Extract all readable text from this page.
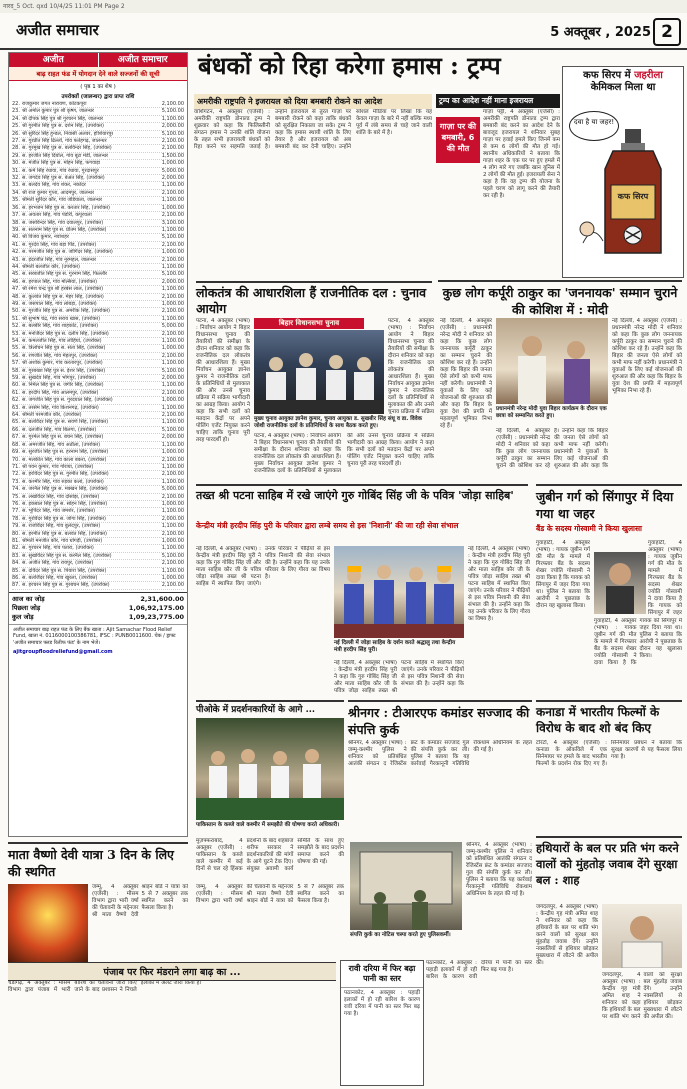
नारद_5 Oct. qxd 10/4/25 11:01 PM Page 2
अजीत समाचार	5 अक्तूबर , 2025 2
अजीत	अजीत समाचार
बाढ़ राहत फंड में योगदान देने वाले सज्जनों की सूची
( पृष्ठ 1 का शेष )
उपरोक्तों (जालन्धर) द्वारा प्राप्त राशि
22. राजकुमार जगत नारायण, कोटकपूरा	2,100.00
23. श्री अमोल कुमार पुत्र श्री कृष्ण, जालन्धर	5,100.00
24. श्री दीपक सिंह पुत्र श्री गुरचरन सिंह, जालन्धर	1,100.00
25. श्री गुरमीत सिंह पुत्र स. दर्शन सिंह, (उपरोक्त)	2,000.00
26. श्री सुरिंदर सिंह हुन्डल, निवासी अलवर, होशियारपुर	5,100.00
27. स. गुरप्रीत सिंह ढिल्लों, गांव फतेहगढ़, जालन्धर	2,100.00
28. स. गुरमुख सिंह पुत्र स. बलविन्दर सिंह, (उपरोक्त)	2,100.00
29. स. हरजीत सिंह दियोल, गांव बूटा मंडी, जालन्धर	1,500.00
30. स. मंजीत सिंह पुत्र स. मोहन सिंह, फगवाड़ा	1,000.00
31. स. कर्म सिंह रंधावा, गांव रंधावा, गुरदासपुर	5,000.00
32. स. जगदेव सिंह पुत्र स. बेअंत सिंह, (उपरोक्त)	2,000.00
33. स. बलदेव सिंह, गांव शंकर, नकोदर	1,100.00
34. श्री राज कुमार गुप्ता, आदमपुर, जालन्धर	2,100.00
35. श्रीमती सुरिंदर कौर, गांव जंडियाला, जालन्धर	1,100.00
36. स. हरभजन सिंह पुत्र स. करतार सिंह, (उपरोक्त)	1,000.00
37. स. अवतार सिंह, गांव पंडोरी, कपूरथला	2,100.00
38. स. जसविन्दर सिंह, गांव दयालपुर, (उपरोक्त)	3,100.00
39. स. सतनाम सिंह पुत्र स. प्रीतम सिंह, (उपरोक्त)	1,100.00
40. श्री विजय कुमार, नवांशहर	5,100.00
41. स. गुरदेव सिंह, गांव बड़ा पिंड, (उपरोक्त)	2,100.00
42. स. परमजीत सिंह पुत्र स. जोगिंदर सिंह, (उपरोक्त)	1,000.00
43. स. इंदरजीत सिंह, गांव नूरमहल, जालन्धर	2,100.00
44. श्रीमती बलजीत कौर, (उपरोक्त)	1,100.00
45. स. सरबजीत सिंह पुत्र स. गुरनाम सिंह, फिल्लौर	5,100.00
46. स. हरपाल सिंह, गांव मल्सियां, (उपरोक्त)	2,000.00
47. श्री रमेश चन्द्र पुत्र श्री हरबंस लाल, (उपरोक्त)	1,100.00
48. स. कुलवंत सिंह पुत्र स. मेहर सिंह, (उपरोक्त)	2,100.00
49. स. जसपाल सिंह, गांव लांबड़ा, (उपरोक्त)	1,000.00
50. स. गुरजीत सिंह पुत्र स. अमरीक सिंह, (उपरोक्त)	2,100.00
51. श्री सुभाष चंद्र, गांव सराय खास, (उपरोक्त)	1,100.00
52. स. बलबीर सिंह, गांव शाहकोट, (उपरोक्त)	5,000.00
53. स. मनजिंदर सिंह पुत्र स. दलीप सिंह, (उपरोक्त)	2,100.00
54. स. कमलजीत सिंह, गांव लोहियां, (उपरोक्त)	1,100.00
55. स. त्रिलोचन सिंह पुत्र स. संता सिंह, (उपरोक्त)	1,000.00
56. स. रणजीत सिंह, गांव मेहतपुर, (उपरोक्त)	2,100.00
57. श्री अशोक कुमार, गांव करतारपुर, (उपरोक्त)	1,100.00
58. स. गुरबख्श सिंह पुत्र स. ईशर सिंह, (उपरोक्त)	5,100.00
59. स. सुखदेव सिंह, गांव भोगपुर, (उपरोक्त)	2,000.00
60. स. निर्मल सिंह पुत्र स. जगीर सिंह, (उपरोक्त)	1,100.00
61. स. हरदीप सिंह, गांव आलमपुर, (उपरोक्त)	2,100.00
62. स. जगजीत सिंह पुत्र स. गुरदयाल सिंह, (उपरोक्त)	1,000.00
63. स. तरसेम सिंह, गांव किशनगढ़, (उपरोक्त)	1,100.00
64. श्रीमती परमजीत कौर, (उपरोक्त)	2,100.00
65. स. बलविंदर सिंह पुत्र स. सवर्ण सिंह, (उपरोक्त)	1,100.00
66. स. दलजीत सिंह, गांव बिलगा, (उपरोक्त)	5,100.00
67. स. गुरमेल सिंह पुत्र स. बचन सिंह, (उपरोक्त)	2,000.00
68. स. अमरजीत सिंह, गांव अठौला, (उपरोक्त)	1,100.00
69. स. सुरजीत सिंह पुत्र स. हरनाम सिंह, (उपरोक्त)	1,000.00
70. स. मलकीत सिंह, गांव काला बकरा, (उपरोक्त)	2,100.00
71. श्री पवन कुमार, गांव गोराया, (उपरोक्त)	1,100.00
72. स. हरविंदर सिंह पुत्र स. गुरमीत सिंह, (उपरोक्त)	2,100.00
73. स. कश्मीर सिंह, गांव रुड़का कलां, (उपरोक्त)	1,100.00
74. स. जरनैल सिंह पुत्र स. मक्खन सिंह, (उपरोक्त)	5,000.00
75. स. लखविंदर सिंह, गांव दोसांझ, (उपरोक्त)	2,100.00
76. स. इकबाल सिंह पुत्र स. सोहन सिंह, (उपरोक्त)	1,000.00
77. स. भूपिंदर सिंह, गांव जमशेर, (उपरोक्त)	1,100.00
78. स. गुरविंदर सिंह पुत्र स. जोगा सिंह, (उपरोक्त)	2,000.00
79. स. राजविंदर सिंह, गांव बुलंदपुर, (उपरोक्त)	1,100.00
80. स. हरमीत सिंह पुत्र स. बलवंत सिंह, (उपरोक्त)	2,100.00
81. श्रीमती मनजीत कौर, गांव धोगड़ी, (उपरोक्त)	1,000.00
82. स. गुरचरन सिंह, गांव पतारा, (उपरोक्त)	1,100.00
83. स. सुखविंदर सिंह पुत्र स. करनैल सिंह, (उपरोक्त)	5,100.00
84. स. अजीत सिंह, गांव रायपुर, (उपरोक्त)	2,100.00
85. स. दविंदर सिंह पुत्र स. पियारा सिंह, (उपरोक्त)	1,100.00
86. स. बलजिंदर सिंह, गांव खुरला, (उपरोक्त)	1,000.00
87. स. हरचरन सिंह पुत्र स. गुरबचन सिंह, (उपरोक्त)	2,100.00
आज का जोड़	2,31,600.00
पिछला जोड़	1,06,92,175.00
कुल जोड़	1,09,23,775.00
अजीत समाचार बाढ़ राहत फंड के लिए बैंक खाता : Ajit Samachar Flood Relief Fund, खाता नं. 0116000100386781, IFSC : PUNB0011600. चेक / ड्राफ्ट 'अजीत समाचार फ्लड रिलीफ फंड' के नाम भेजें।
ajitgroupfloodreliefund@gmail.com
बंधकों को रिहा करेगा हमास : ट्रम्प
अमरीकी राष्ट्रपति ने इजरायल को दिया बमबारी रोकने का आदेश
वाशिंगटन, 4 अक्तूबर (एजेंसी) : अमरीकी राष्ट्रपति डोनाल्ड ट्रम्प ने शुक्रवार को कहा कि फिलिस्तीनी संगठन हमास ने उनकी शांति योजना के तहत सभी इजरायली बंधकों को रिहा करने पर सहमति जताई है। उन्होंने इजरायल से तुरंत गाज़ा पर बमबारी रोकने को कहा ताकि बंधकों को सुरक्षित निकाला जा सके। ट्रम्प ने कहा कि हमास स्थायी शांति के लिए तैयार है और इजरायल को अब बमबारी बंद कर देनी चाहिए। उन्होंने सोशल मीडिया पर लिखा कि यह केवल गाज़ा के बारे में नहीं बल्कि मध्य पूर्व में लंबे समय से चाहे जाने वाली शांति के बारे में है।
ट्रम्प का आदेश नहीं माना इजरायल
गाज़ा पर की बमबारी, 6 की मौत
गाज़ा पट्टी, 4 अक्तूबर (एजेंसी) : अमरीकी राष्ट्रपति डोनाल्ड ट्रम्प द्वारा बमबारी बंद करने का आदेश देने के बावजूद इजरायल ने शनिवार सुबह गाज़ा पर हवाई हमले किए जिनमें कम से कम 6 लोगों की मौत हो गई। स्थानीय अधिकारियों ने बताया कि गाज़ा शहर के एक घर पर हुए हमले में 4 लोग मारे गए जबकि खान यूनिस में 2 लोगों की मौत हुई। इजरायली सेना ने कहा है कि वह ट्रम्प की योजना के पहले चरण को लागू करने की तैयारी कर रही है।
कफ सिरप में जहरीला
केमिकल मिला था
दवा है या जहर!
कफ सिरप
लोकतंत्र की आधारशिला हैं राजनीतिक दल : चुनाव आयोग
पटना, 4 अक्तूबर (भाषा) : निर्वाचन आयोग ने बिहार विधानसभा चुनाव की तैयारियों की समीक्षा के दौरान शनिवार को कहा कि राजनीतिक दल लोकतंत्र की आधारशिला हैं। मुख्य निर्वाचन आयुक्त ज्ञानेश कुमार ने राजनीतिक दलों के प्रतिनिधियों से मुलाकात की और उनसे चुनाव प्रक्रिया में सक्रिय भागीदारी का आग्रह किया। आयोग ने कहा कि सभी दलों को मतदान केंद्रों पर अपने पोलिंग एजेंट नियुक्त करने चाहिए ताकि चुनाव पूरी तरह पारदर्शी हो।
बिहार विधानसभा चुनाव	पटना, 4 अक्तूबर (भाषा) : निर्वाचन आयोग ने बिहार विधानसभा चुनाव की तैयारियों की समीक्षा के दौरान शनिवार को कहा कि राजनीतिक दल लोकतंत्र की आधारशिला हैं। मुख्य निर्वाचन आयुक्त ज्ञानेश कुमार ने राजनीतिक दलों के प्रतिनिधियों से मुलाकात की और उनसे चुनाव प्रक्रिया में सक्रिय
मुख्य चुनाव आयुक्त ज्ञानेश कुमार, चुनाव आयुक्त ड. सुखबीर सिंह संधू व डा. विवेक जोशी राजनीतिक दलों के प्रतिनिधियों के साथ बैठक करते हुए।
पटना, 4 अक्तूबर (भाषा) : निर्वाचन आयोग ने बिहार विधानसभा चुनाव की तैयारियों की समीक्षा के दौरान शनिवार को कहा कि राजनीतिक दल लोकतंत्र की आधारशिला हैं। मुख्य निर्वाचन आयुक्त ज्ञानेश कुमार ने राजनीतिक दलों के प्रतिनिधियों से मुलाकात की और उनसे चुनाव प्रक्रिया में सक्रिय भागीदारी का आग्रह किया। आयोग ने कहा कि सभी दलों को मतदान केंद्रों पर अपने पोलिंग एजेंट नियुक्त करने चाहिए ताकि चुनाव पूरी तरह पारदर्शी हो।
कुछ लोग कर्पूरी ठाकुर का 'जननायक' सम्मान चुराने की कोशिश में : मोदी
नई दिल्ली, 4 अक्तूबर (एजेंसी) : प्रधानमंत्री नरेन्द्र मोदी ने शनिवार को कहा कि कुछ लोग जननायक कर्पूरी ठाकुर का सम्मान चुराने की कोशिश कर रहे हैं। उन्होंने कहा कि बिहार की जनता ऐसे लोगों को कभी माफ नहीं करेगी। प्रधानमंत्री ने युवाओं के लिए कई योजनाओं की शुरुआत की और कहा कि बिहार के युवा देश की प्रगति में महत्वपूर्ण भूमिका निभा रहे हैं।
प्रधानमंत्री नरेन्द्र मोदी युवा बिहार कार्यक्रम के दौरान एक छात्रा को सम्मानित करते हुए।
नई दिल्ली, 4 अक्तूबर (एजेंसी) : प्रधानमंत्री नरेन्द्र मोदी ने शनिवार को कहा कि कुछ लोग जननायक कर्पूरी ठाकुर का सम्मान चुराने की कोशिश कर रहे हैं। उन्होंने कहा कि बिहार की जनता ऐसे लोगों को कभी माफ नहीं करेगी। प्रधानमंत्री ने युवाओं के लिए कई योजनाओं की शुरुआत की और कहा कि बिहार के युवा देश की प्रगति में महत्वपूर्ण भूमिका निभा रहे हैं।
नई दिल्ली, 4 अक्तूबर (एजेंसी) : प्रधानमंत्री नरेन्द्र मोदी ने शनिवार को कहा कि कुछ लोग जननायक कर्पूरी ठाकुर का सम्मान चुराने की कोशिश कर रहे हैं। उन्होंने कहा कि बिहार की जनता ऐसे लोगों को कभी माफ नहीं करेगी। प्रधानमंत्री ने युवाओं के लिए कई योजनाओं की शुरुआत की और कहा कि
तख्त श्री पटना साहिब में रखे जाएंगे गुरु गोबिंद सिंह जी के पवित्र 'जोड़ा साहिब'
केन्द्रीय मंत्री हरदीप सिंह पुरी के परिवार द्वारा लम्बे समय से इस 'निशानी' की जा रही सेवा संभाल
नई दिल्ली, 4 अक्तूबर (भाषा) : केन्द्रीय मंत्री हरदीप सिंह पुरी ने कहा कि गुरु गोबिंद सिंह जी और माता साहिब कौर जी के पवित्र जोड़ा साहिब तख्त श्री पटना साहिब में स्थापित किए जाएंगे। उनके परिवार ने पीढ़ियों से इस पवित्र निशानी की सेवा संभाल की है। उन्होंने कहा कि यह उनके परिवार के लिए गौरव का विषय है।
नई दिल्ली में जोड़ा साहिब के दर्शन करते श्रद्धालु तथा केन्द्रीय मंत्री हरदीप सिंह पुरी।
नई दिल्ली, 4 अक्तूबर (भाषा) : केन्द्रीय मंत्री हरदीप सिंह पुरी ने कहा कि गुरु गोबिंद सिंह जी और माता साहिब कौर जी के पवित्र जोड़ा साहिब तख्त श्री पटना साहिब में स्थापित किए जाएंगे। उनके परिवार ने पीढ़ियों से इस पवित्र निशानी की सेवा संभाल की है। उन्होंने कहा कि
नई दिल्ली, 4 अक्तूबर (भाषा) : केन्द्रीय मंत्री हरदीप सिंह पुरी ने कहा कि गुरु गोबिंद सिंह जी और माता साहिब कौर जी के पवित्र जोड़ा साहिब तख्त श्री पटना साहिब में स्थापित किए जाएंगे। उनके परिवार ने पीढ़ियों से इस पवित्र निशानी की सेवा संभाल की है। उन्होंने कहा कि यह उनके परिवार के लिए गौरव का विषय है।
जुबीन गर्ग को सिंगापुर में दिया गया था जहर
बैंड के सदस्य गोस्वामी ने किया खुलासा
गुवाहाटी, 4 अक्तूबर (भाषा) : गायक जुबीन गर्ग की मौत के मामले में गिरफ्तार बैंड के सदस्य शेखर ज्योति गोस्वामी ने दावा किया है कि गायक को सिंगापुर में जहर दिया गया था। पुलिस ने बताया कि आरोपी ने पूछताछ के दौरान यह खुलासा किया।
गुवाहाटी, 4 अक्तूबर (भाषा) : गायक जुबीन गर्ग की मौत के मामले में गिरफ्तार बैंड के सदस्य शेखर ज्योति गोस्वामी ने दावा किया है कि गायक को सिंगापुर में जहर दिया गया था। पुलिस ने बताया कि आरोपी ने पूछताछ के दौरान यह खुलासा किया।
गुवाहाटी, 4 अक्तूबर (भाषा) : गायक जुबीन गर्ग की मौत के मामले में गिरफ्तार बैंड के सदस्य शेखर ज्योति गोस्वामी ने दावा किया है कि गायक को सिंगापुर में जहर
पीओके में प्रदर्शनकारियों के आगे ...
पाकिस्तान के कब्जे वाले कश्मीर में समझौते की घोषणा करते अधिकारी।
मुज़फ्फराबाद, 4 अक्तूबर (एजेंसी) : पाकिस्तान के कब्जे वाले कश्मीर में कई दिनों से चल रहे हिंसक प्रदर्शनों के बाद शहबाज शरीफ सरकार ने प्रदर्शनकारियों की मांगों के आगे घुटने टेक दिए। संयुक्त अवामी कार्य समिति के साथ हुए समझौते के बाद प्रदर्शन समाप्त करने की घोषणा की गई।
श्रीनगर : टीआरएफ कमांडर सज्जाद की संपत्ति कुर्क
श्रीनगर, 4 अक्तूबर (भाषा) : जम्मू-कश्मीर पुलिस ने शनिवार को प्रतिबंधित आतंकी संगठन द रेजिस्टेंस फ्रंट के कमांडर सज्जाद गुल की संपत्ति कुर्क कर ली। पुलिस ने बताया कि यह कार्रवाई गैरकानूनी गतिविधि रोकथाम अधिनियम के तहत की गई है।
संपत्ति कुर्क का नोटिस चस्पा करते हुए पुलिसकर्मी।
श्रीनगर, 4 अक्तूबर (भाषा) : जम्मू-कश्मीर पुलिस ने शनिवार को प्रतिबंधित आतंकी संगठन द रेजिस्टेंस फ्रंट के कमांडर सज्जाद गुल की संपत्ति कुर्क कर ली। पुलिस ने बताया कि यह कार्रवाई गैरकानूनी गतिविधि रोकथाम अधिनियम के तहत की गई है।
कनाडा में भारतीय फिल्मों के विरोध के बाद शो बंद किए
टोरंटो, 4 अक्तूबर (एजेंसी) : कनाडा के ओकविले में एक सिनेमाघर पर हमले के बाद भारतीय फिल्मों के प्रदर्शन रोक दिए गए हैं। सिनेमाघर प्रबंधन ने बताया कि सुरक्षा कारणों से यह फैसला लिया गया है।
हथियारों के बल पर प्रति भंग करने वालों को मुंहतोड़ जवाब देंगे सुरक्षा बल : शाह
जगदलपुर, 4 अक्तूबर (भाषा) : केन्द्रीय गृह मंत्री अमित शाह ने शनिवार को कहा कि हथियारों के बल पर शांति भंग करने वालों को सुरक्षा बल मुंहतोड़ जवाब देंगे। उन्होंने नक्सलियों से हथियार छोड़कर मुख्यधारा में लौटने की अपील की।
जगदलपुर, 4 अक्तूबर (भाषा) : केन्द्रीय गृह मंत्री अमित शाह ने शनिवार को कहा कि हथियारों के बल पर शांति भंग करने वालों को सुरक्षा बल मुंहतोड़ जवाब देंगे। उन्होंने नक्सलियों से हथियार छोड़कर मुख्यधारा में लौटने की अपील की।
माता वैष्णो देवी यात्रा 3 दिन के लिए की स्थगित
जम्मू, 4 अक्तूबर (एजेंसी) : मौसम विभाग द्वारा भारी वर्षा की चेतावनी के मद्देनजर श्री माता वैष्णो देवी श्राइन बोर्ड ने यात्रा को 5 से 7 अक्तूबर तक स्थगित करने का फैसला किया है।
जम्मू, 4 अक्तूबर (एजेंसी) : मौसम विभाग द्वारा भारी वर्षा की चेतावनी के मद्देनजर श्री माता वैष्णो देवी श्राइन बोर्ड ने यात्रा को 5 से 7 अक्तूबर तक स्थगित करने का फैसला किया है।
पंजाब पर फिर मंडराने लगा बाढ़ का ...
चंडीगढ़, 4 अक्तूबर : मौसम विभाग द्वारा पंजाब में भारी बारिश की चेतावनी जारी किए जाने के बाद प्रशासन ने निचले इलाकों में अलर्ट जारी किया है।
रावी दरिया में फिर बढ़ा पानी का स्तर
पठानकोट, 4 अक्तूबर : पहाड़ी इलाकों में हो रही बारिश के कारण रावी दरिया में पानी का स्तर फिर बढ़ गया है।
पठानकोट, 4 अक्तूबर : पहाड़ी इलाकों में हो रही बारिश के कारण रावी दरिया में पानी का स्तर फिर बढ़ गया है।
